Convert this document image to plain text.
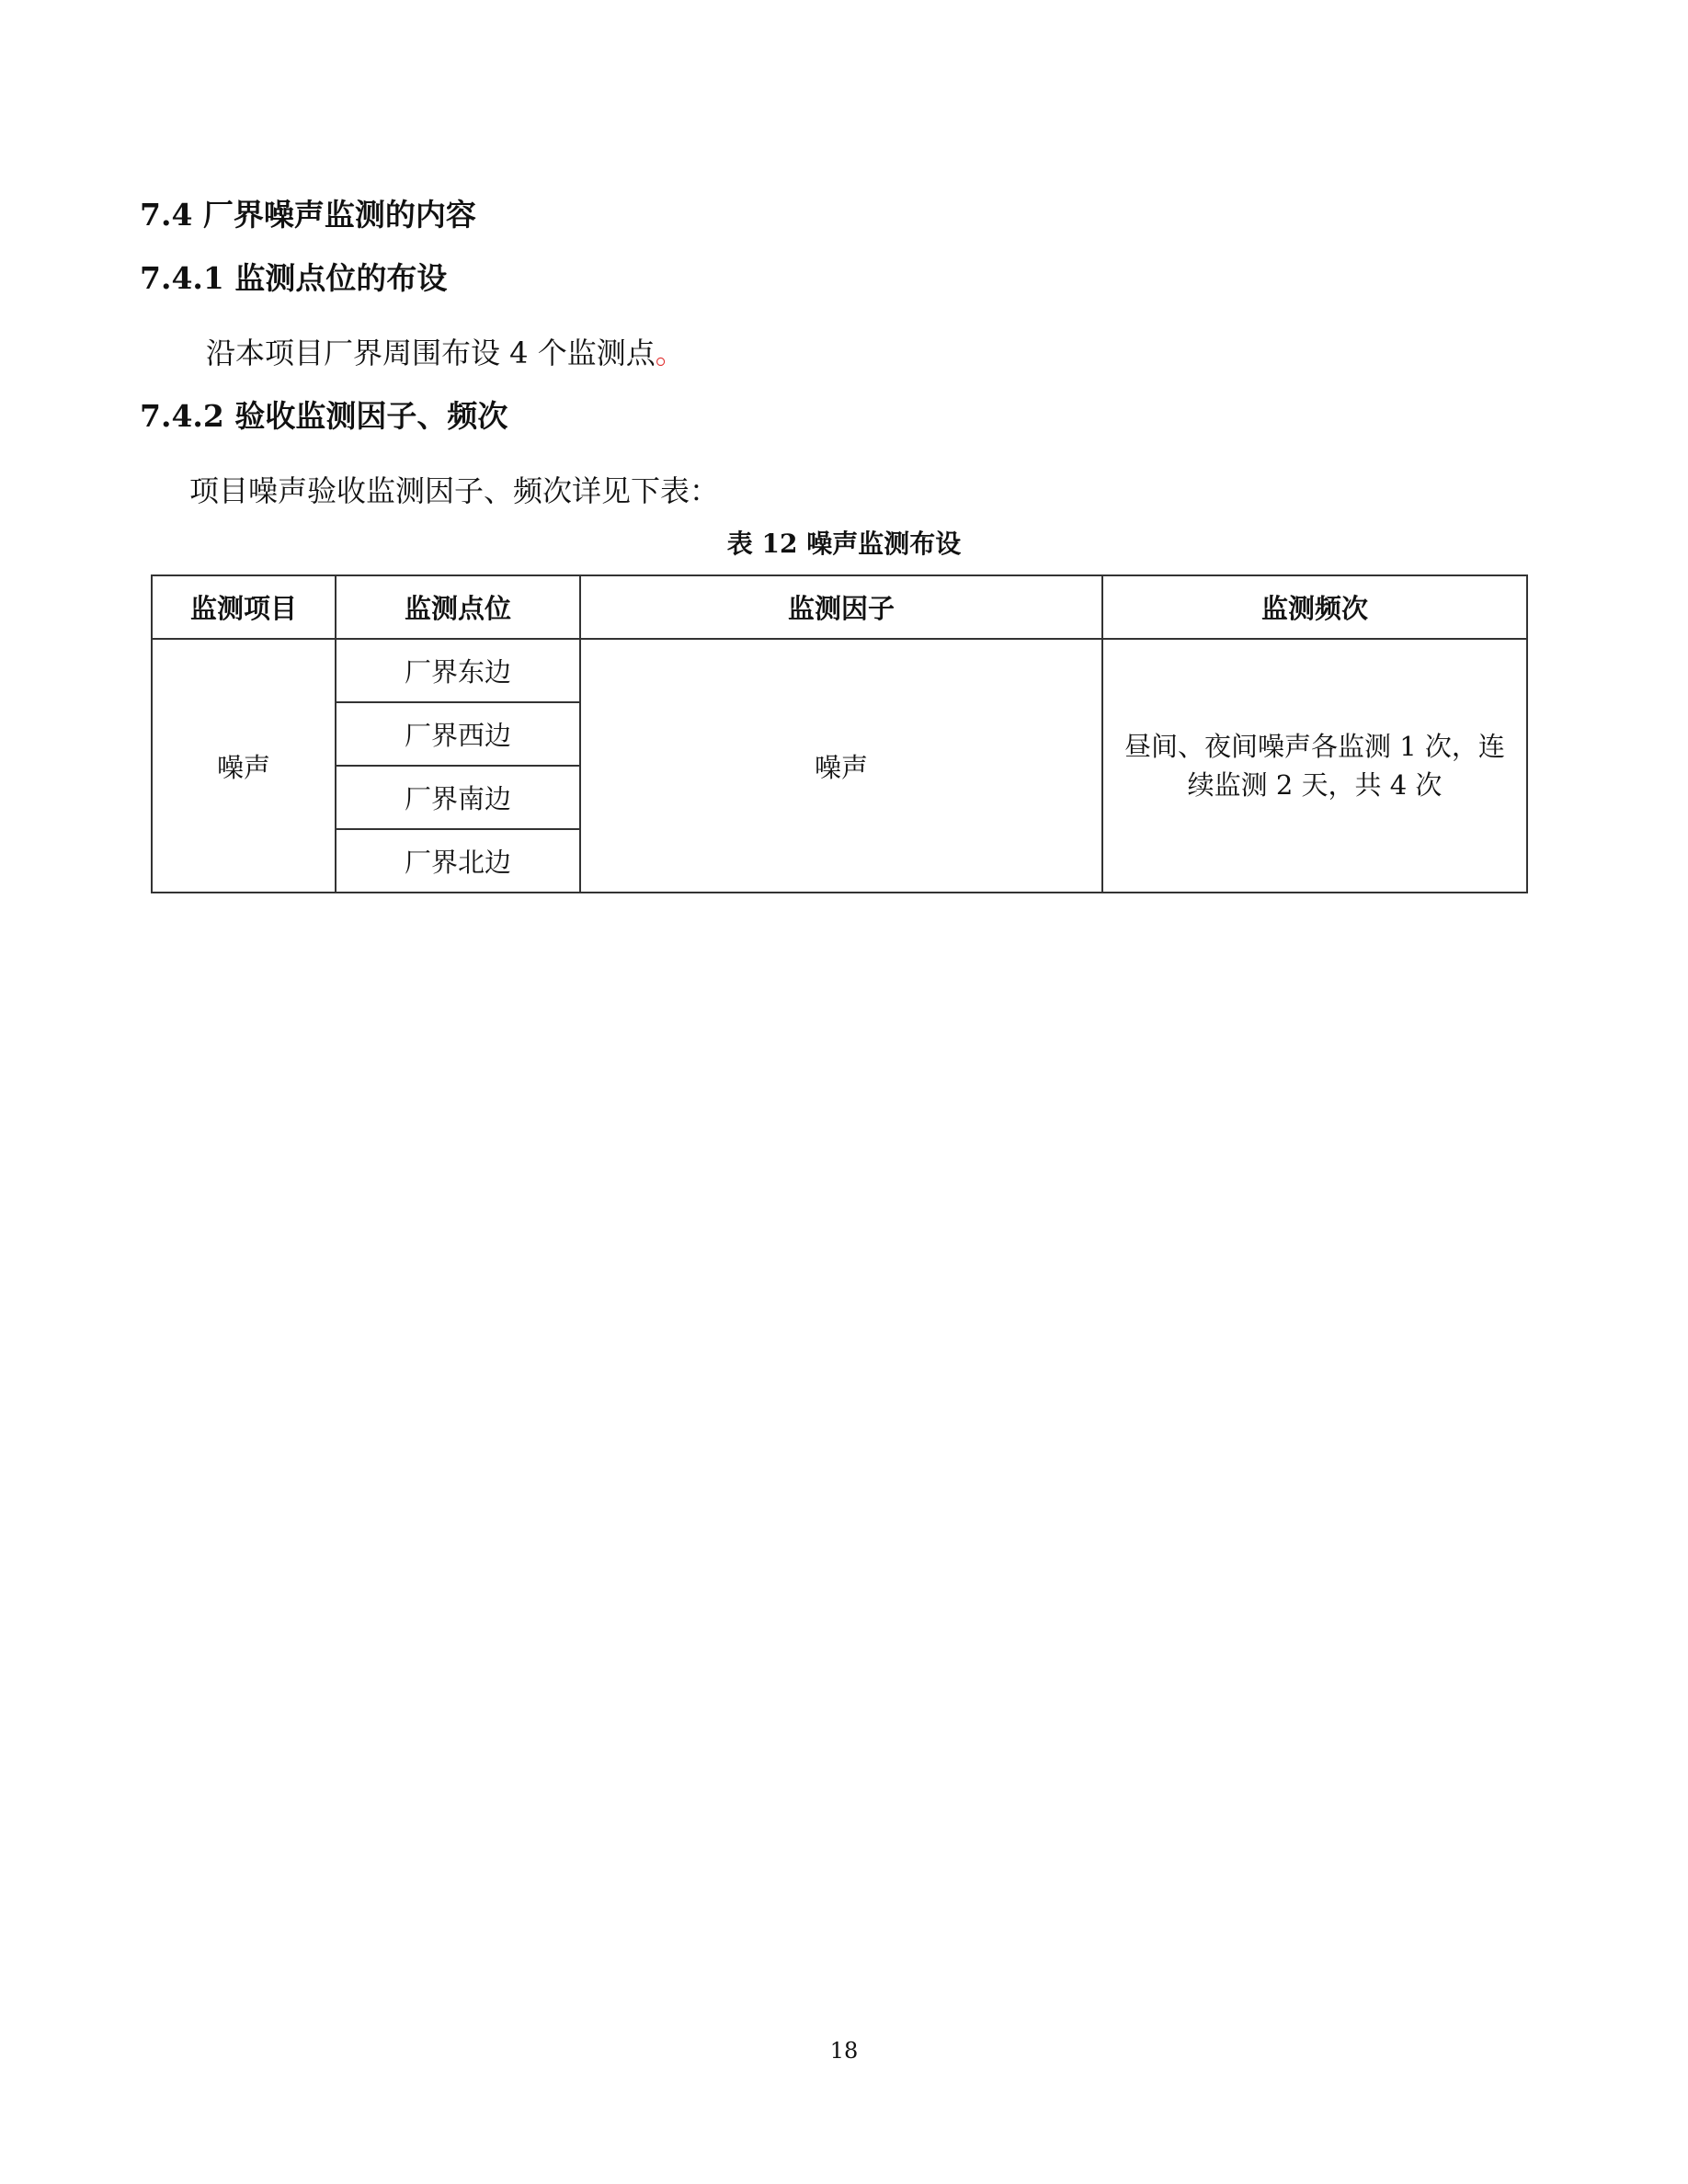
7.4 厂界噪声监测的内容
7.4.1 监测点位的布设
沿本项目厂界周围布设 4 个监测点。
7.4.2 验收监测因子、频次
项目噪声验收监测因子、频次详见下表：
表 12 噪声监测布设
监测项目	监测点位	监测因子	监测频次
噪声	厂界东边	噪声	昼间、夜间噪声各监测 1 次，连续监测 2 天，共 4 次
	厂界西边		
	厂界南边		
	厂界北边		
18
